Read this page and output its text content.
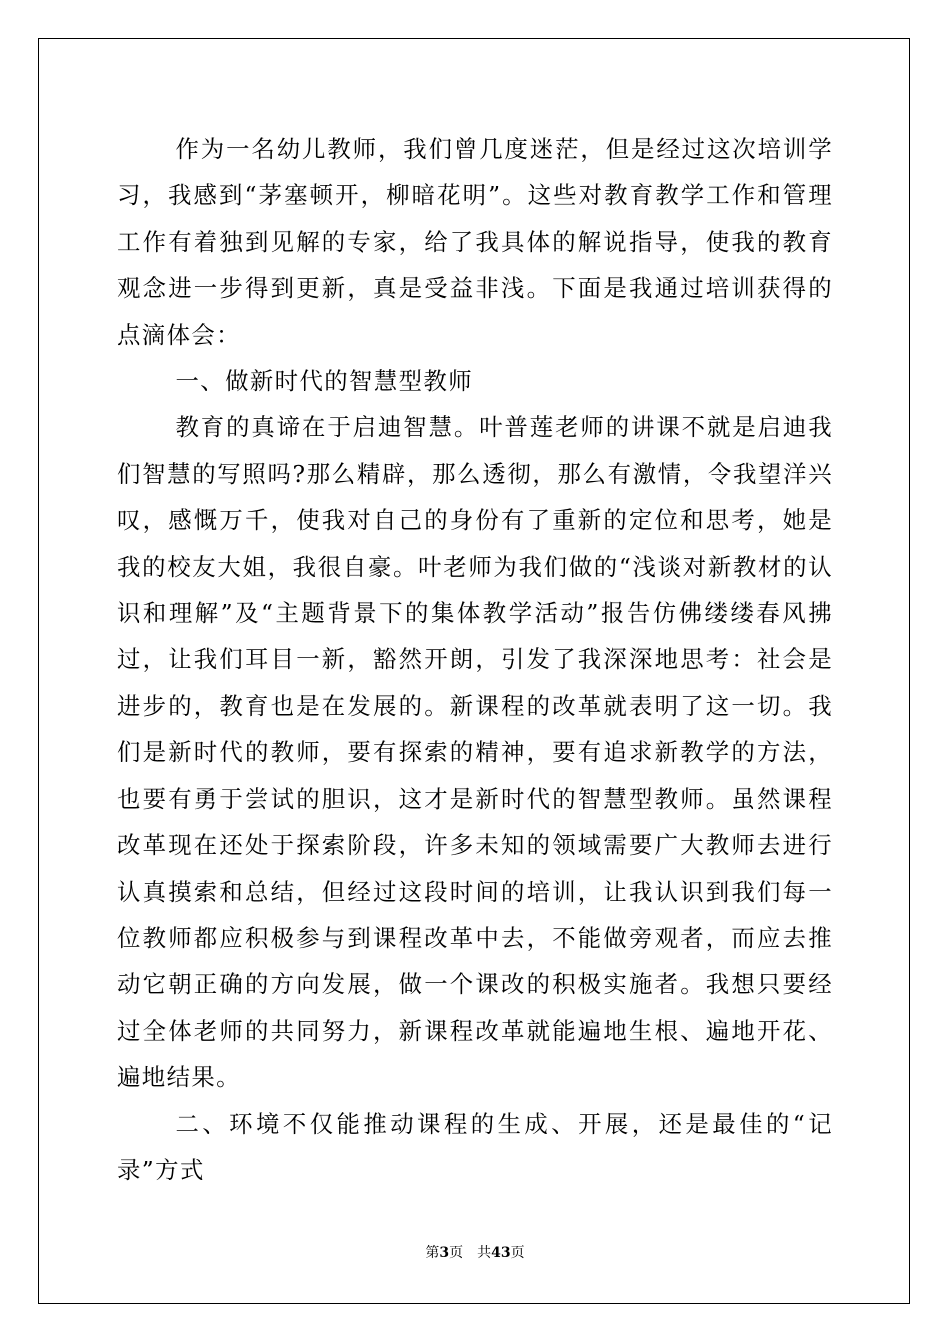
作为一名幼儿教师，我们曾几度迷茫，但是经过这次培训学习，我感到“茅塞顿开，柳暗花明”。这些对教育教学工作和管理工作有着独到见解的专家，给了我具体的解说指导，使我的教育观念进一步得到更新，真是受益非浅。下面是我通过培训获得的点滴体会：

一、做新时代的智慧型教师

教育的真谛在于启迪智慧。叶普莲老师的讲课不就是启迪我们智慧的写照吗?那么精辟，那么透彻，那么有激情，令我望洋兴叹，感慨万千，使我对自己的身份有了重新的定位和思考，她是我的校友大姐，我很自豪。叶老师为我们做的“浅谈对新教材的认识和理解”及“主题背景下的集体教学活动”报告仿佛缕缕春风拂过，让我们耳目一新，豁然开朗，引发了我深深地思考：社会是进步的，教育也是在发展的。新课程的改革就表明了这一切。我们是新时代的教师，要有探索的精神，要有追求新教学的方法，也要有勇于尝试的胆识，这才是新时代的智慧型教师。虽然课程改革现在还处于探索阶段，许多未知的领域需要广大教师去进行认真摸索和总结，但经过这段时间的培训，让我认识到我们每一位教师都应积极参与到课程改革中去，不能做旁观者，而应去推动它朝正确的方向发展，做一个课改的积极实施者。我想只要经过全体老师的共同努力，新课程改革就能遍地生根、遍地开花、遍地结果。

二、环境不仅能推动课程的生成、开展，还是最佳的“记录”方式

第3页 共43页
